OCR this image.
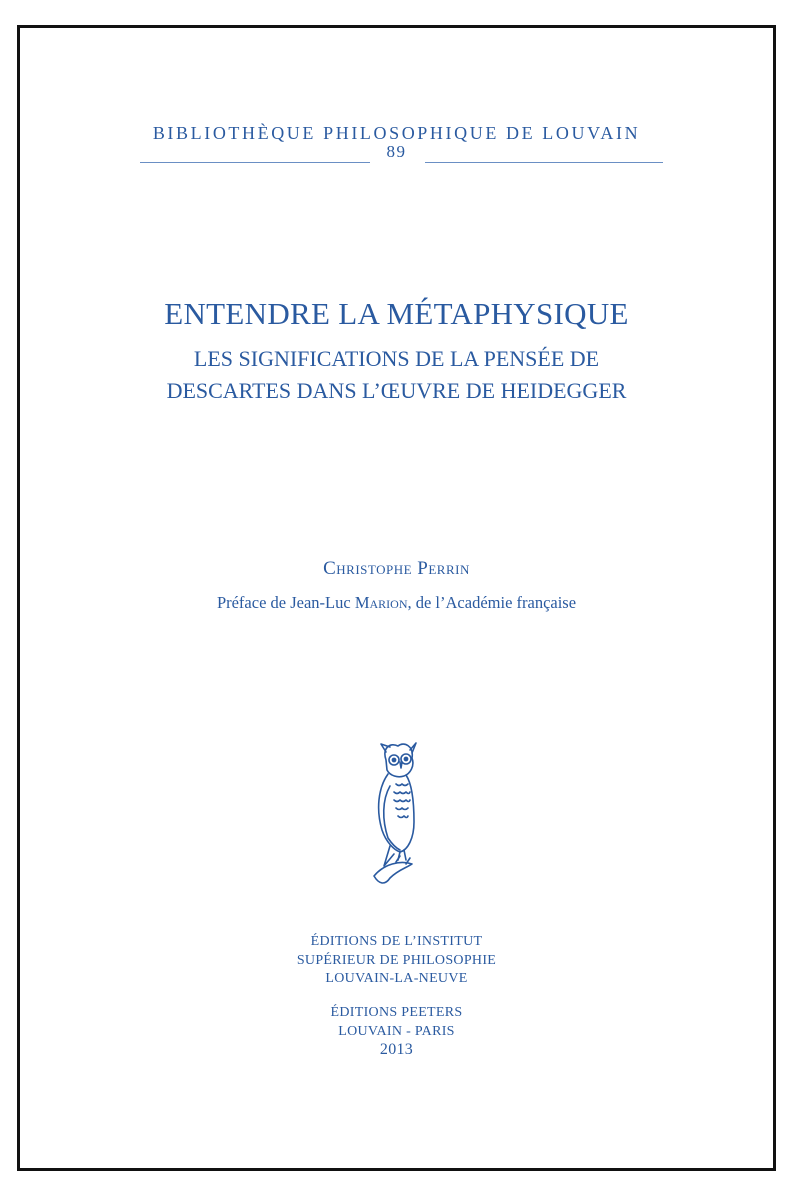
BIBLIOTHÈQUE PHILOSOPHIQUE DE LOUVAIN
89
ENTENDRE LA MÉTAPHYSIQUE
LES SIGNIFICATIONS DE LA PENSÉE DE
DESCARTES DANS L’ŒUVRE DE HEIDEGGER
Christophe Perrin
Préface de Jean-Luc Marion, de l’Académie française
ÉDITIONS DE L’INSTITUT
SUPÉRIEUR DE PHILOSOPHIE
LOUVAIN-LA-NEUVE
ÉDITIONS PEETERS
LOUVAIN - PARIS
2013
